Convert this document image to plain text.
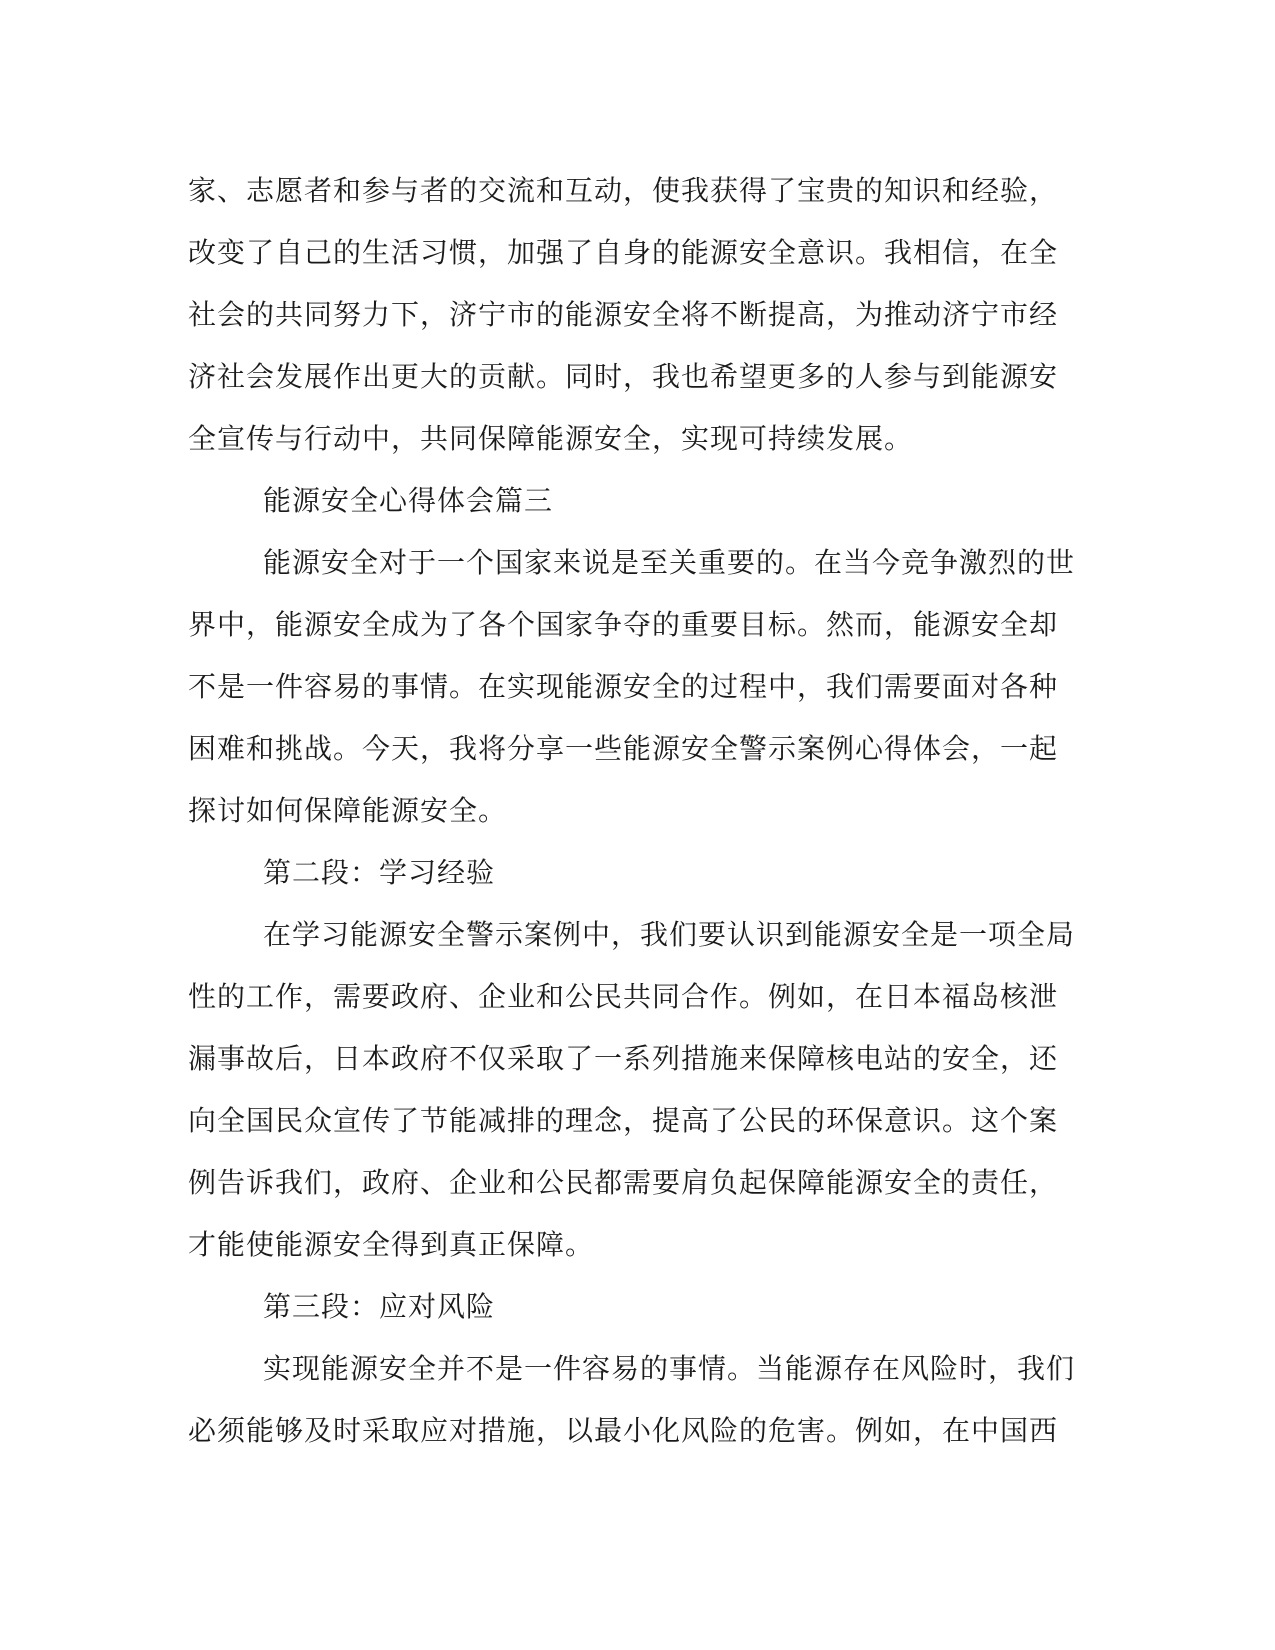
家、志愿者和参与者的交流和互动，使我获得了宝贵的知识和经验，
改变了自己的生活习惯，加强了自身的能源安全意识。我相信，在全
社会的共同努力下，济宁市的能源安全将不断提高，为推动济宁市经
济社会发展作出更大的贡献。同时，我也希望更多的人参与到能源安
全宣传与行动中，共同保障能源安全，实现可持续发展。
能源安全心得体会篇三
能源安全对于一个国家来说是至关重要的。在当今竞争激烈的世
界中，能源安全成为了各个国家争夺的重要目标。然而，能源安全却
不是一件容易的事情。在实现能源安全的过程中，我们需要面对各种
困难和挑战。今天，我将分享一些能源安全警示案例心得体会，一起
探讨如何保障能源安全。
第二段：学习经验
在学习能源安全警示案例中，我们要认识到能源安全是一项全局
性的工作，需要政府、企业和公民共同合作。例如，在日本福岛核泄
漏事故后，日本政府不仅采取了一系列措施来保障核电站的安全，还
向全国民众宣传了节能减排的理念，提高了公民的环保意识。这个案
例告诉我们，政府、企业和公民都需要肩负起保障能源安全的责任，
才能使能源安全得到真正保障。
第三段：应对风险
实现能源安全并不是一件容易的事情。当能源存在风险时，我们
必须能够及时采取应对措施，以最小化风险的危害。例如，在中国西
